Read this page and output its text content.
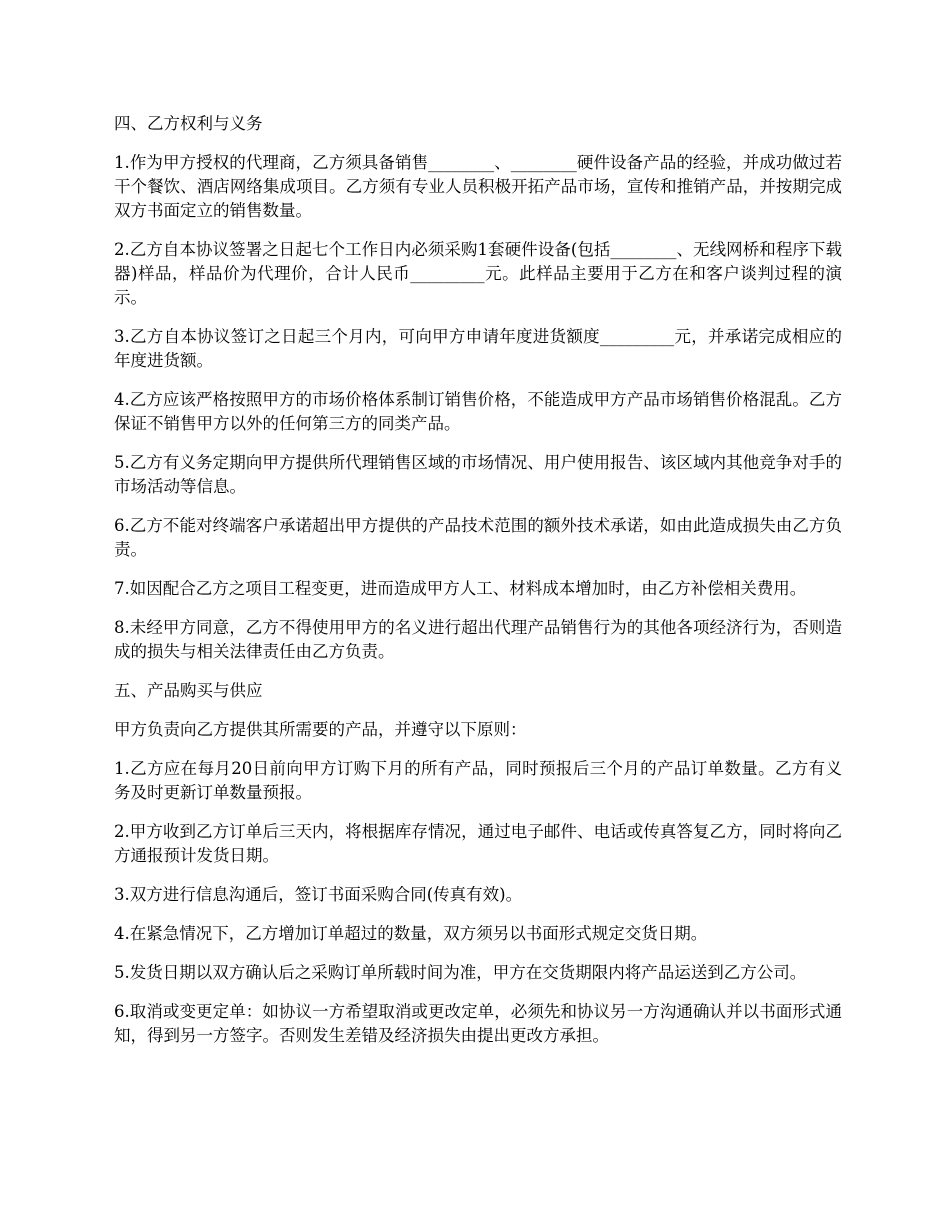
四、乙方权利与义务

1.作为甲方授权的代理商，乙方须具备销售________、________硬件设备产品的经验，并成功做过若干个餐饮、酒店网络集成项目。乙方须有专业人员积极开拓产品市场，宣传和推销产品，并按期完成双方书面定立的销售数量。

2.乙方自本协议签署之日起七个工作日内必须采购1套硬件设备(包括________、无线网桥和程序下载器)样品，样品价为代理价，合计人民币_________元。此样品主要用于乙方在和客户谈判过程的演示。

3.乙方自本协议签订之日起三个月内，可向甲方申请年度进货额度_________元，并承诺完成相应的年度进货额。

4.乙方应该严格按照甲方的市场价格体系制订销售价格，不能造成甲方产品市场销售价格混乱。乙方保证不销售甲方以外的任何第三方的同类产品。

5.乙方有义务定期向甲方提供所代理销售区域的市场情况、用户使用报告、该区域内其他竞争对手的市场活动等信息。

6.乙方不能对终端客户承诺超出甲方提供的产品技术范围的额外技术承诺，如由此造成损失由乙方负责。

7.如因配合乙方之项目工程变更，进而造成甲方人工、材料成本增加时，由乙方补偿相关费用。

8.未经甲方同意，乙方不得使用甲方的名义进行超出代理产品销售行为的其他各项经济行为，否则造成的损失与相关法律责任由乙方负责。

五、产品购买与供应

甲方负责向乙方提供其所需要的产品，并遵守以下原则：

1.乙方应在每月20日前向甲方订购下月的所有产品，同时预报后三个月的产品订单数量。乙方有义务及时更新订单数量预报。

2.甲方收到乙方订单后三天内，将根据库存情况，通过电子邮件、电话或传真答复乙方，同时将向乙方通报预计发货日期。

3.双方进行信息沟通后，签订书面采购合同(传真有效)。

4.在紧急情况下，乙方增加订单超过的数量，双方须另以书面形式规定交货日期。

5.发货日期以双方确认后之采购订单所载时间为准，甲方在交货期限内将产品运送到乙方公司。

6.取消或变更定单：如协议一方希望取消或更改定单，必须先和协议另一方沟通确认并以书面形式通知，得到另一方签字。否则发生差错及经济损失由提出更改方承担。
